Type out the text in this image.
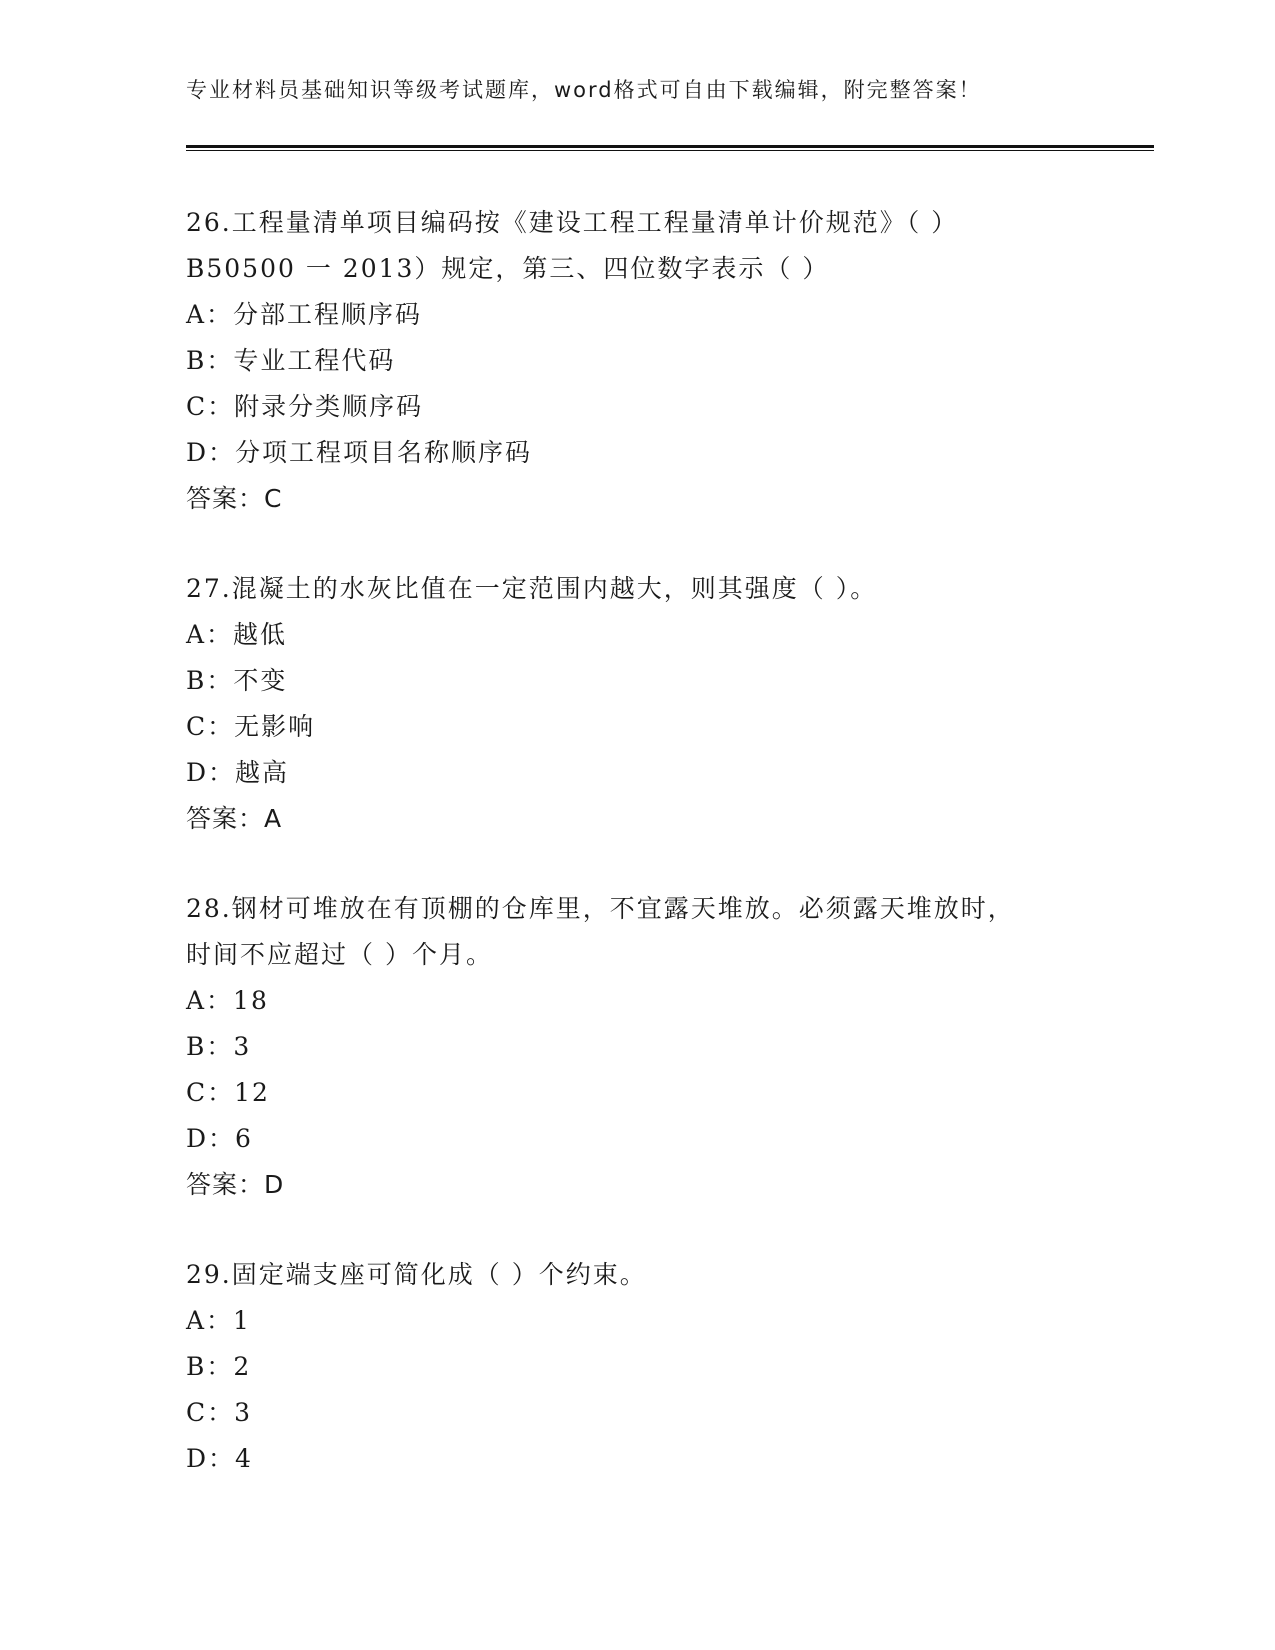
专业材料员基础知识等级考试题库，word格式可自由下载编辑，附完整答案！
26.工程量清单项目编码按《建设工程工程量清单计价规范》（ ）
B50500 一 2013）规定，第三、四位数字表示（ ）
A：分部工程顺序码
B：专业工程代码
C：附录分类顺序码
D：分项工程项目名称顺序码
答案：C
27.混凝土的水灰比值在一定范围内越大，则其强度（ ）。
A：越低
B：不变
C：无影响
D：越高
答案：A
28.钢材可堆放在有顶棚的仓库里，不宜露天堆放。必须露天堆放时，
时间不应超过（ ）个月。
A：18
B：3
C：12
D：6
答案：D
29.固定端支座可简化成（ ）个约束。
A：1
B：2
C：3
D：4
